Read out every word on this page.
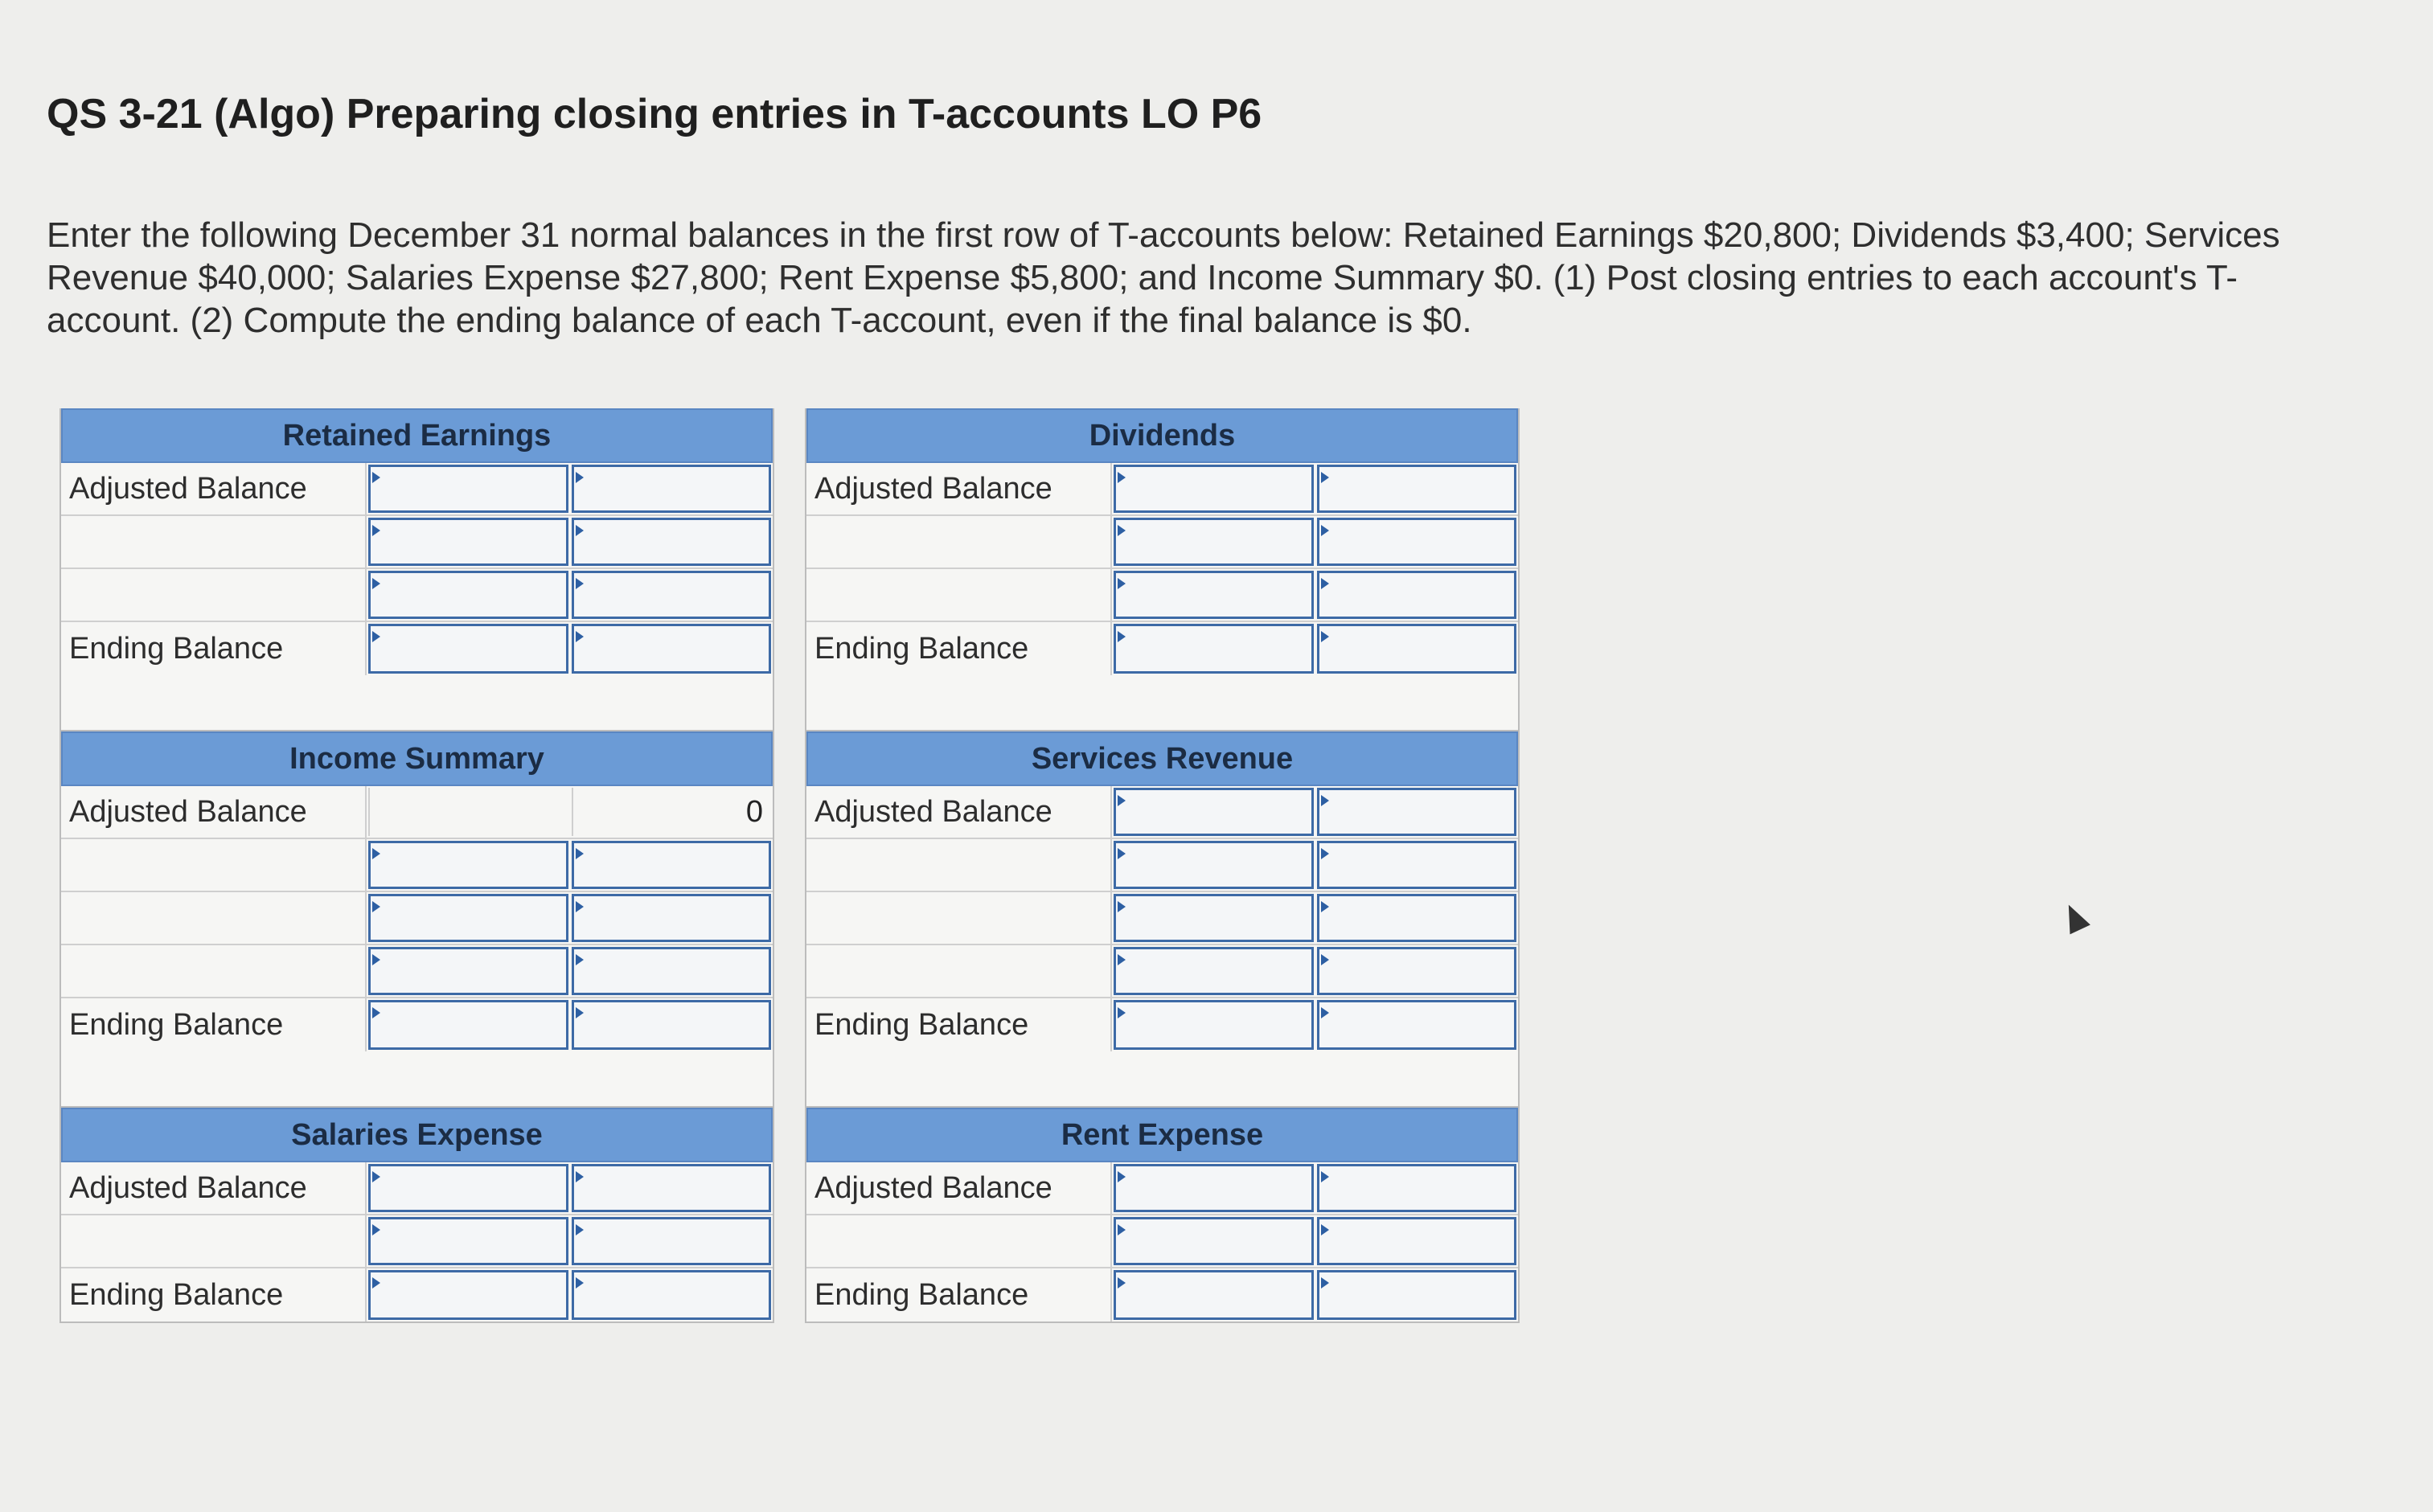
QS 3-21 (Algo) Preparing closing entries in T-accounts LO P6
Enter the following December 31 normal balances in the first row of T-accounts below: Retained Earnings $20,800; Dividends $3,400; Services Revenue $40,000; Salaries Expense $27,800; Rent Expense $5,800; and Income Summary $0. (1) Post closing entries to each account's T-account. (2) Compute the ending balance of each T-account, even if the final balance is $0.
Retained Earnings
Adjusted Balance
Ending Balance
Dividends
Adjusted Balance
Ending Balance
Income Summary
Adjusted Balance	0
Ending Balance
Services Revenue
Adjusted Balance
Ending Balance
Salaries Expense
Adjusted Balance
Ending Balance
Rent Expense
Adjusted Balance
Ending Balance
